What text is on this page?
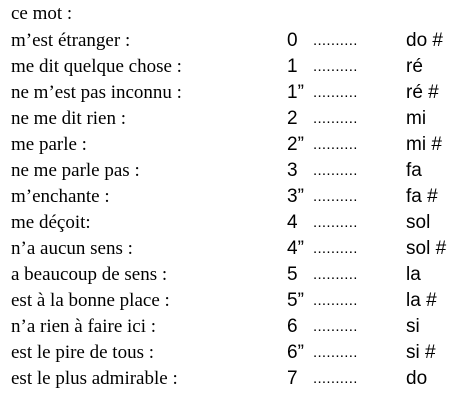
ce mot :
m’est étranger :	0 ..........	do #
me dit quelque chose :	1 ..........	ré
ne m’est pas inconnu :	1” ..........	ré #
ne me dit rien :	2 ..........	mi
me parle :	2” ..........	mi #
ne me parle pas :	3 ..........	fa
m’enchante :	3” ..........	fa #
me déçoit:	4 ..........	sol
n’a aucun sens :	4” ..........	sol #
a beaucoup de sens :	5 ..........	la
est à la bonne place :	5” ..........	la #
n’a rien à faire ici :	6 ..........	si
est le pire de tous :	6” ..........	si #
est le plus admirable :	7 ..........	do
